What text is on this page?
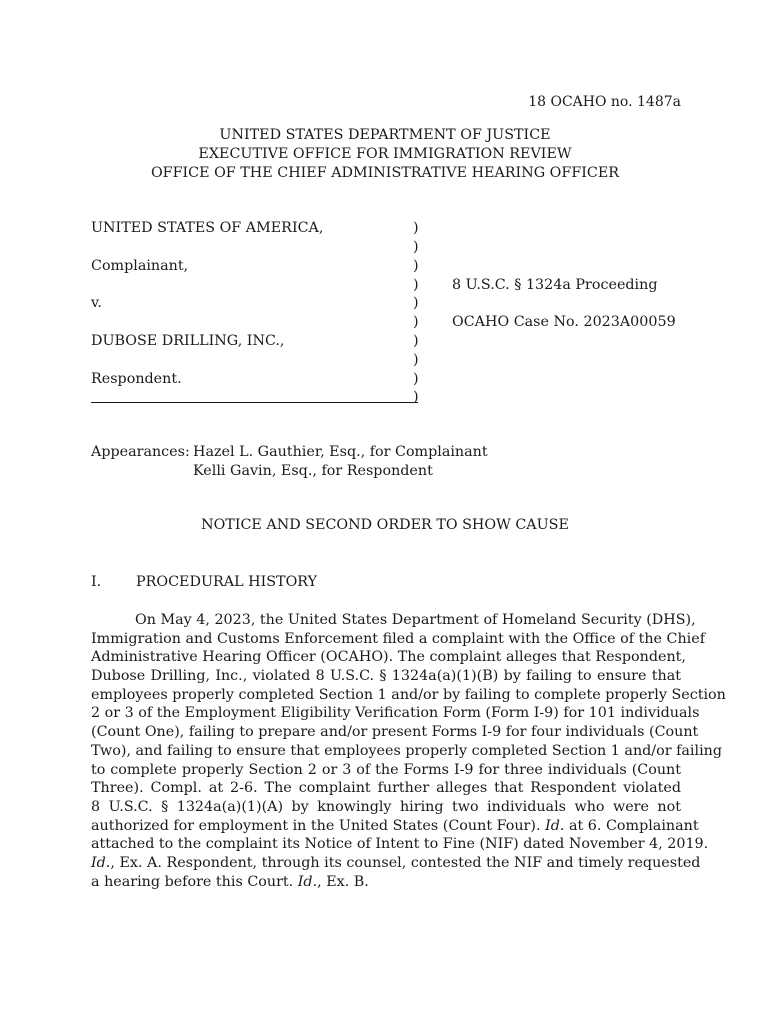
18 OCAHO no. 1487a
UNITED STATES DEPARTMENT OF JUSTICE
EXECUTIVE OFFICE FOR IMMIGRATION REVIEW
OFFICE OF THE CHIEF ADMINISTRATIVE HEARING OFFICER
UNITED STATES OF AMERICA,
Complainant,
v.
DUBOSE DRILLING, INC.,
Respondent.
)
)
)
)
)
)
)
)
)
)
8 U.S.C. § 1324a Proceeding
OCAHO Case No. 2023A00059
Appearances: Hazel L. Gauthier, Esq., for Complainant
Kelli Gavin, Esq., for Respondent
NOTICE AND SECOND ORDER TO SHOW CAUSE
I. PROCEDURAL HISTORY
On May 4, 2023, the United States Department of Homeland Security (DHS),
Immigration and Customs Enforcement filed a complaint with the Office of the Chief
Administrative Hearing Officer (OCAHO). The complaint alleges that Respondent,
Dubose Drilling, Inc., violated 8 U.S.C. § 1324a(a)(1)(B) by failing to ensure that
employees properly completed Section 1 and/or by failing to complete properly Section
2 or 3 of the Employment Eligibility Verification Form (Form I-9) for 101 individuals
(Count One), failing to prepare and/or present Forms I-9 for four individuals (Count
Two), and failing to ensure that employees properly completed Section 1 and/or failing
to complete properly Section 2 or 3 of the Forms I-9 for three individuals (Count
Three). Compl. at 2-6. The complaint further alleges that Respondent violated
8 U.S.C. § 1324a(a)(1)(A) by knowingly hiring two individuals who were not
authorized for employment in the United States (Count Four). Id. at 6. Complainant
attached to the complaint its Notice of Intent to Fine (NIF) dated November 4, 2019.
Id., Ex. A. Respondent, through its counsel, contested the NIF and timely requested
a hearing before this Court. Id., Ex. B.
